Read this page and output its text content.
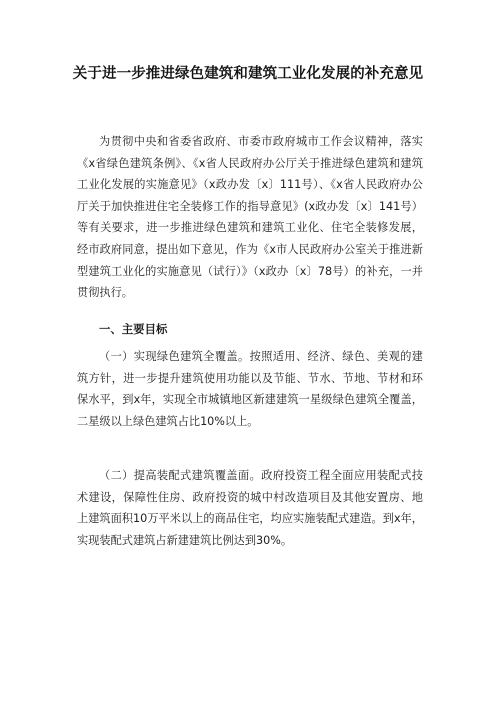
关于进一步推进绿色建筑和建筑工业化发展的补充意见

为贯彻中央和省委省政府、市委市政府城市工作会议精神，落实《x省绿色建筑条例》、《x省人民政府办公厅关于推进绿色建筑和建筑工业化发展的实施意见》（x政办发〔x〕111号）、《x省人民政府办公厅关于加快推进住宅全装修工作的指导意见》(x政办发〔x〕141号）等有关要求，进一步推进绿色建筑和建筑工业化、住宅全装修发展，经市政府同意，提出如下意见，作为《x市人民政府办公室关于推进新型建筑工业化的实施意见（试行）》（x政办〔x〕78号）的补充，一并贯彻执行。

一、主要目标

（一）实现绿色建筑全覆盖。按照适用、经济、绿色、美观的建筑方针，进一步提升建筑使用功能以及节能、节水、节地、节材和环保水平，到x年，实现全市城镇地区新建建筑一星级绿色建筑全覆盖，二星级以上绿色建筑占比10%以上。

（二）提高装配式建筑覆盖面。政府投资工程全面应用装配式技术建设，保障性住房、政府投资的城中村改造项目及其他安置房、地上建筑面积10万平米以上的商品住宅，均应实施装配式建造。到x年，实现装配式建筑占新建建筑比例达到30%。
